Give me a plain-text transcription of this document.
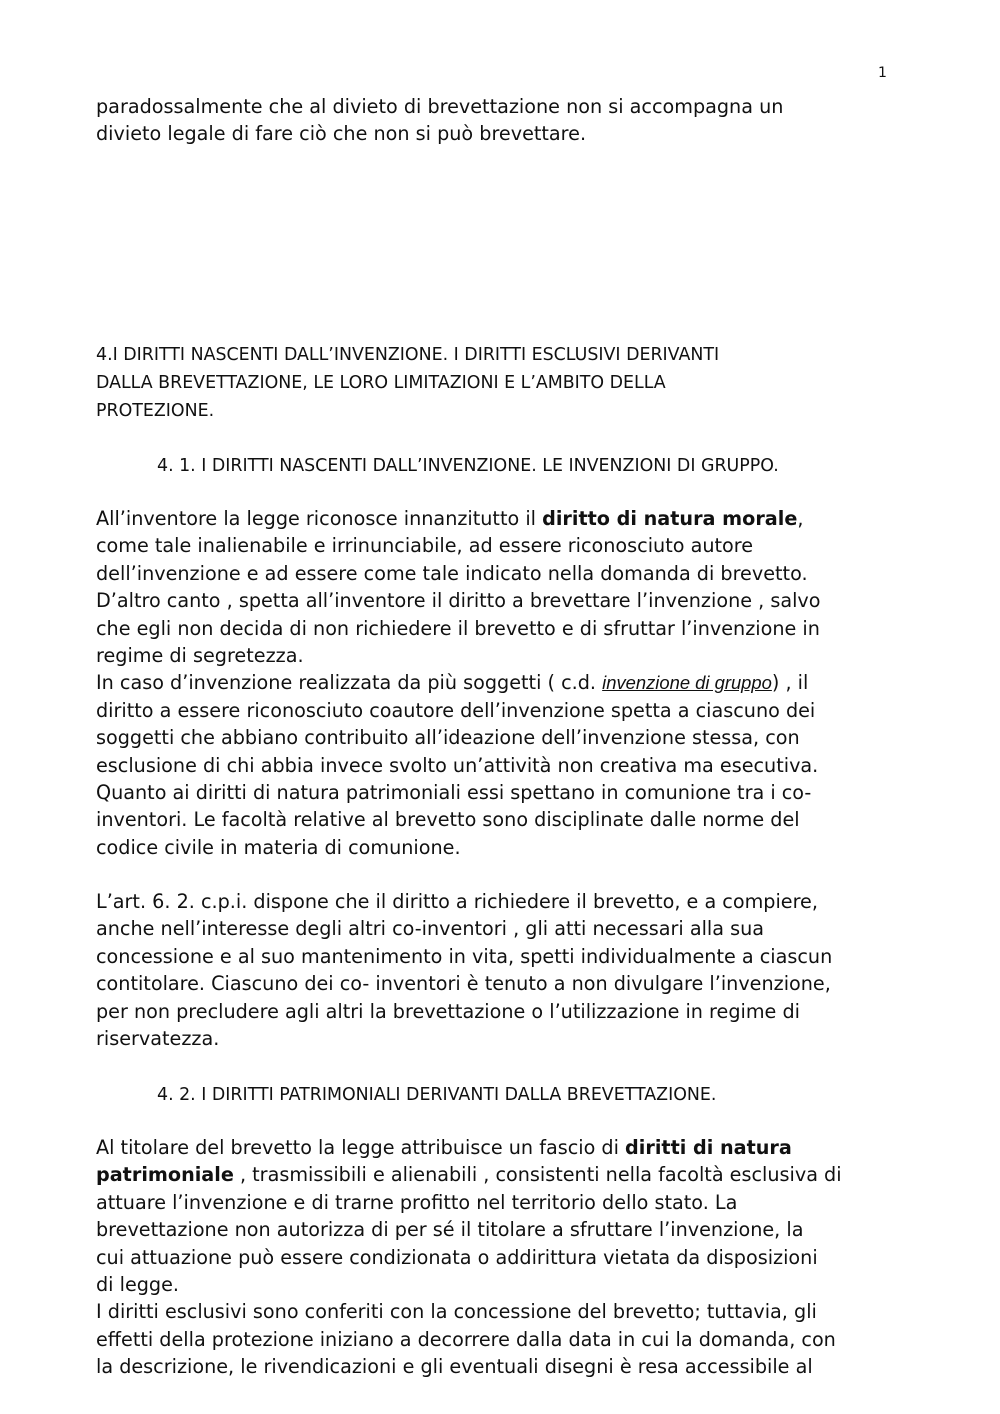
1

paradossalmente che al divieto di brevettazione non si accompagna un
divieto legale di fare ciò che non si può brevettare.

4.I DIRITTI NASCENTI DALL’INVENZIONE. I DIRITTI ESCLUSIVI DERIVANTI
DALLA BREVETTAZIONE, LE LORO LIMITAZIONI E L’AMBITO DELLA
PROTEZIONE.
4. 1. I DIRITTI NASCENTI DALL’INVENZIONE. LE INVENZIONI DI GRUPPO.

All’inventore la legge riconosce innanzitutto il diritto di natura morale,
come tale inalienabile e irrinunciabile, ad essere riconosciuto autore
dell’invenzione e ad essere come tale indicato nella domanda di brevetto.
D’altro canto , spetta all’inventore il diritto a brevettare l’invenzione , salvo
che egli non decida di non richiedere il brevetto e di sfruttar l’invenzione in
regime di segretezza.
In caso d’invenzione realizzata da più soggetti ( c.d. invenzione di gruppo) , il
diritto a essere riconosciuto coautore dell’invenzione spetta a ciascuno dei
soggetti che abbiano contribuito all’ideazione dell’invenzione stessa, con
esclusione di chi abbia invece svolto un’attività non creativa ma esecutiva.
Quanto ai diritti di natura patrimoniali essi spettano in comunione tra i co-
inventori. Le facoltà relative al brevetto sono disciplinate dalle norme del
codice civile in materia di comunione.

L’art. 6. 2. c.p.i. dispone che il diritto a richiedere il brevetto, e a compiere,
anche nell’interesse degli altri co-inventori , gli atti necessari alla sua
concessione e al suo mantenimento in vita, spetti individualmente a ciascun
contitolare. Ciascuno dei co- inventori è tenuto a non divulgare l’invenzione,
per non precludere agli altri la brevettazione o l’utilizzazione in regime di
riservatezza.

4. 2. I DIRITTI PATRIMONIALI DERIVANTI DALLA BREVETTAZIONE.

Al titolare del brevetto la legge attribuisce un fascio di diritti di natura
patrimoniale , trasmissibili e alienabili , consistenti nella facoltà esclusiva di
attuare l’invenzione e di trarne profitto nel territorio dello stato. La
brevettazione non autorizza di per sé il titolare a sfruttare l’invenzione, la
cui attuazione può essere condizionata o addirittura vietata da disposizioni
di legge.
I diritti esclusivi sono conferiti con la concessione del brevetto; tuttavia, gli
effetti della protezione iniziano a decorrere dalla data in cui la domanda, con
la descrizione, le rivendicazioni e gli eventuali disegni è resa accessibile al
